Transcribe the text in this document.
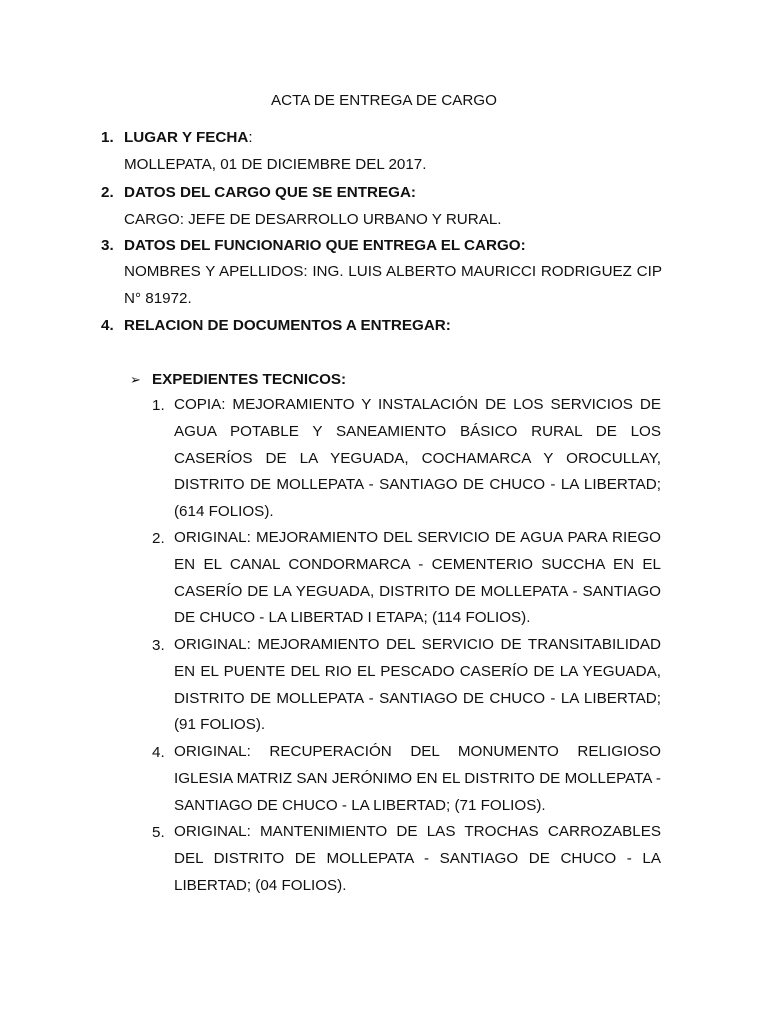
ACTA DE ENTREGA DE CARGO
1. LUGAR Y FECHA:
MOLLEPATA, 01 DE DICIEMBRE DEL 2017.
2. DATOS DEL CARGO QUE SE ENTREGA:
CARGO: JEFE DE DESARROLLO URBANO Y RURAL.
3. DATOS DEL FUNCIONARIO QUE ENTREGA EL CARGO:
NOMBRES Y APELLIDOS: ING. LUIS ALBERTO MAURICCI RODRIGUEZ CIP N° 81972.
4. RELACION DE DOCUMENTOS A ENTREGAR:
➢ EXPEDIENTES TECNICOS:
1. COPIA: MEJORAMIENTO Y INSTALACIÓN DE LOS SERVICIOS DE AGUA POTABLE Y SANEAMIENTO BÁSICO RURAL DE LOS CASERÍOS DE LA YEGUADA, COCHAMARCA Y OROCULLAY, DISTRITO DE MOLLEPATA - SANTIAGO DE CHUCO - LA LIBERTAD; (614 FOLIOS).
2. ORIGINAL: MEJORAMIENTO DEL SERVICIO DE AGUA PARA RIEGO EN EL CANAL CONDORMARCA - CEMENTERIO SUCCHA EN EL CASERÍO DE LA YEGUADA, DISTRITO DE MOLLEPATA - SANTIAGO DE CHUCO - LA LIBERTAD I ETAPA; (114 FOLIOS).
3. ORIGINAL: MEJORAMIENTO DEL SERVICIO DE TRANSITABILIDAD EN EL PUENTE DEL RIO EL PESCADO CASERÍO DE LA YEGUADA, DISTRITO DE MOLLEPATA - SANTIAGO DE CHUCO - LA LIBERTAD; (91 FOLIOS).
4. ORIGINAL: RECUPERACIÓN DEL MONUMENTO RELIGIOSO IGLESIA MATRIZ SAN JERÓNIMO EN EL DISTRITO DE MOLLEPATA - SANTIAGO DE CHUCO - LA LIBERTAD; (71 FOLIOS).
5. ORIGINAL: MANTENIMIENTO DE LAS TROCHAS CARROZABLES DEL DISTRITO DE MOLLEPATA - SANTIAGO DE CHUCO - LA LIBERTAD; (04 FOLIOS).
